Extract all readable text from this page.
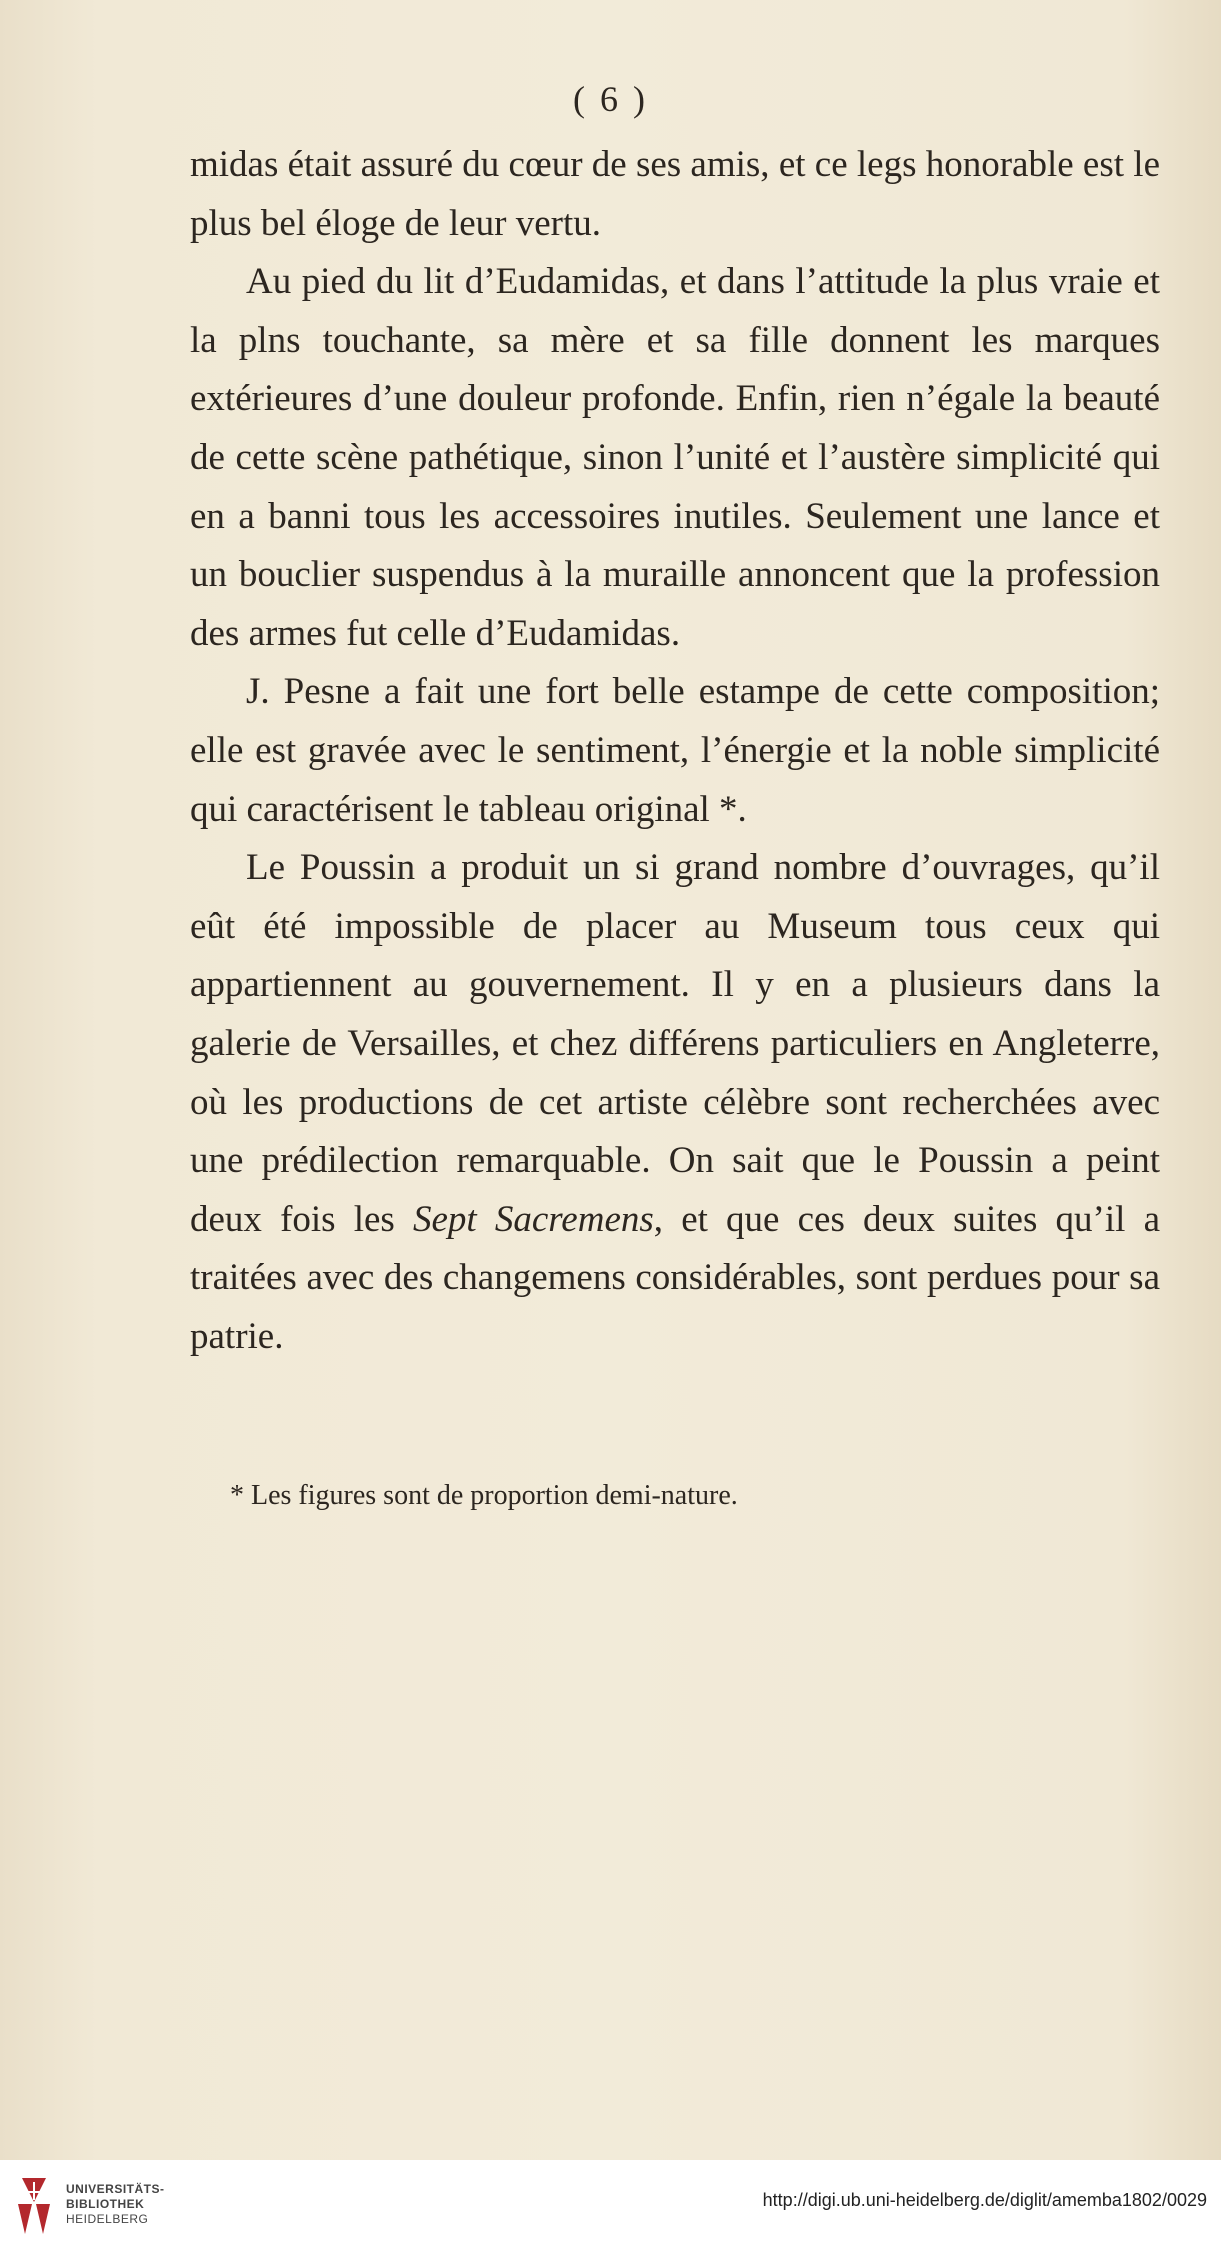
( 6 )

midas était assuré du cœur de ses amis, et ce legs honorable est le plus bel éloge de leur vertu.

Au pied du lit d’Eudamidas, et dans l’attitude la plus vraie et la plns touchante, sa mère et sa fille donnent les marques extérieures d’une douleur profonde. Enfin, rien n’égale la beauté de cette scène pathétique, sinon l’unité et l’austère simplicité qui en a banni tous les accessoires inutiles. Seulement une lance et un bouclier suspendus à la muraille annoncent que la profession des armes fut celle d’Eudamidas.

J. Pesne a fait une fort belle estampe de cette composition; elle est gravée avec le sentiment, l’énergie et la noble simplicité qui caractérisent le tableau original *.

Le Poussin a produit un si grand nombre d’ouvrages, qu’il eût été impossible de placer au Museum tous ceux qui appartiennent au gouvernement. Il y en a plusieurs dans la galerie de Versailles, et chez différens particuliers en Angleterre, où les productions de cet artiste célèbre sont recherchées avec une prédilection remarquable. On sait que le Poussin a peint deux fois les Sept Sacremens, et que ces deux suites qu’il a traitées avec des changemens considérables, sont perdues pour sa patrie.

* Les figures sont de proportion demi-nature.
UNIVERSITÄTS-
BIBLIOTHEK
HEIDELBERG
http://digi.ub.uni-heidelberg.de/diglit/amemba1802/0029
